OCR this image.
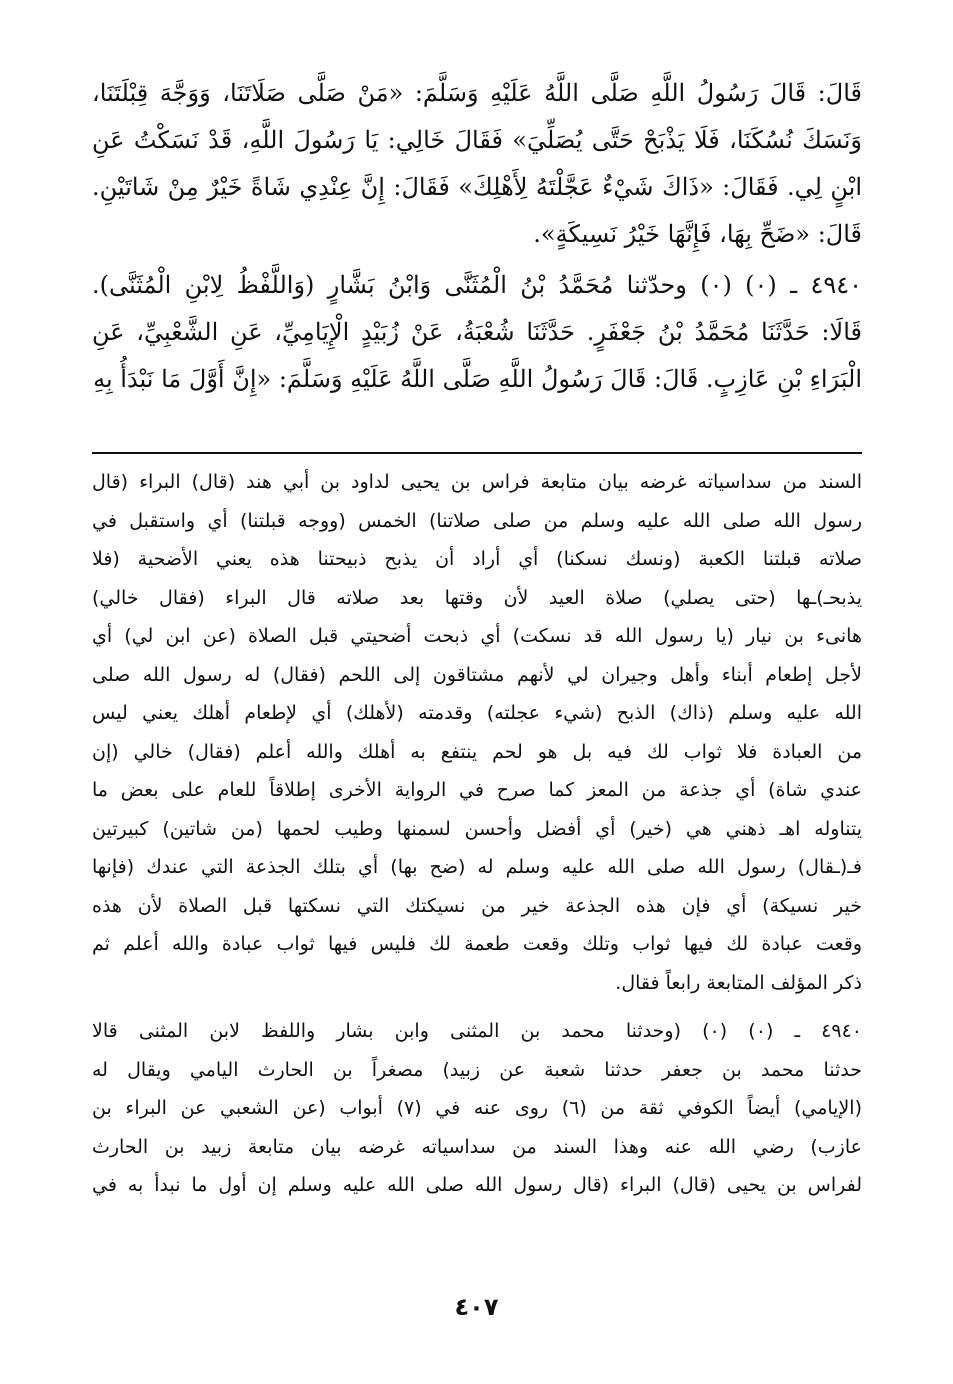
قَالَ: قَالَ رَسُولُ اللَّهِ صَلَّى اللَّهُ عَلَيْهِ وَسَلَّمَ: «مَنْ صَلَّى صَلَاتَنَا، وَوَجَّهَ قِبْلَتَنَا،
وَنَسَكَ نُسُكَنَا، فَلَا يَذْبَحْ حَتَّى يُصَلِّيَ» فَقَالَ خَالِي: يَا رَسُولَ اللَّهِ، قَدْ نَسَكْتُ عَنِ
ابْنٍ لِي. فَقَالَ: «ذَاكَ شَيْءٌ عَجَّلْتَهُ لِأَهْلِكَ» فَقَالَ: إِنَّ عِنْدِي شَاةً خَيْرٌ مِنْ شَاتَيْنِ.
قَالَ: «ضَحِّ بِهَا، فَإِنَّهَا خَيْرُ نَسِيكَةٍ».
٤٩٤٠ ـ (٠) (٠) وحدّثنا مُحَمَّدُ بْنُ الْمُثَنَّى وَابْنُ بَشَّارٍ (وَاللَّفْظُ لِابْنِ الْمُثَنَّى).
قَالَا: حَدَّثَنَا مُحَمَّدُ بْنُ جَعْفَرٍ. حَدَّثَنَا شُعْبَةُ، عَنْ زُبَيْدٍ الْإِيَامِيِّ، عَنِ الشَّعْبِيِّ، عَنِ
الْبَرَاءِ بْنِ عَازِبٍ. قَالَ: قَالَ رَسُولُ اللَّهِ صَلَّى اللَّهُ عَلَيْهِ وَسَلَّمَ: «إِنَّ أَوَّلَ مَا نَبْدَأُ بِهِ
السند من سداسياته غرضه بيان متابعة فراس بن يحيى لداود بن أبي هند (قال) البراء (قال
رسول الله صلى الله عليه وسلم من صلى صلاتنا) الخمس (ووجه قبلتنا) أي واستقبل في
صلاته قبلتنا الكعبة (ونسك نسكنا) أي أراد أن يذبح ذبيحتنا هذه يعني الأضحية (فلا
يذبحـ)ـها (حتى يصلي) صلاة العيد لأن وقتها بعد صلاته قال البراء (فقال خالي)
هانىء بن نيار (يا رسول الله قد نسكت) أي ذبحت أضحيتي قبل الصلاة (عن ابن لي) أي
لأجل إطعام أبناء وأهل وجيران لي لأنهم مشتاقون إلى اللحم (فقال) له رسول الله صلى
الله عليه وسلم (ذاك) الذبح (شيء عجلته) وقدمته (لأهلك) أي لإطعام أهلك يعني ليس
من العبادة فلا ثواب لك فيه بل هو لحم ينتفع به أهلك والله أعلم (فقال) خالي (إن
عندي شاة) أي جذعة من المعز كما صرح في الرواية الأخرى إطلاقاً للعام على بعض ما
يتناوله اهـ ذهني هي (خير) أي أفضل وأحسن لسمنها وطيب لحمها (من شاتين) كبيرتين
فـ(ـقال) رسول الله صلى الله عليه وسلم له (ضح بها) أي بتلك الجذعة التي عندك (فإنها
خير نسيكة) أي فإن هذه الجذعة خير من نسيكتك التي نسكتها قبل الصلاة لأن هذه
وقعت عبادة لك فيها ثواب وتلك وقعت طعمة لك فليس فيها ثواب عبادة والله أعلم ثم
ذكر المؤلف المتابعة رابعاً فقال.
٤٩٤٠ ـ (٠) (٠) (وحدثنا محمد بن المثنى وابن بشار واللفظ لابن المثنى قالا
حدثنا محمد بن جعفر حدثنا شعبة عن زبيد) مصغراً بن الحارث اليامي ويقال له
(الإيامي) أيضاً الكوفي ثقة من (٦) روى عنه في (٧) أبواب (عن الشعبي عن البراء بن
عازب) رضي الله عنه وهذا السند من سداسياته غرضه بيان متابعة زبيد بن الحارث
لفراس بن يحيى (قال) البراء (قال رسول الله صلى الله عليه وسلم إن أول ما نبدأ به في
٤٠٧
